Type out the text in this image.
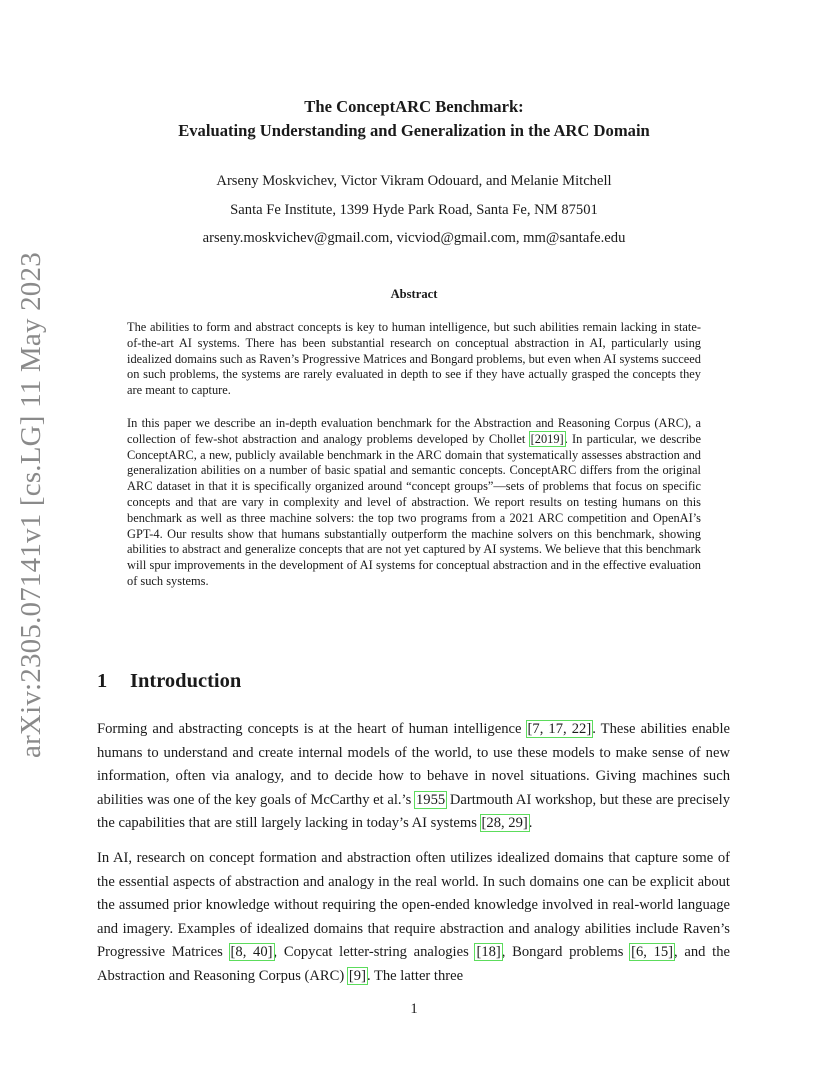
arXiv:2305.07141v1 [cs.LG] 11 May 2023
The ConceptARC Benchmark:
Evaluating Understanding and Generalization in the ARC Domain
Arseny Moskvichev, Victor Vikram Odouard, and Melanie Mitchell
Santa Fe Institute, 1399 Hyde Park Road, Santa Fe, NM 87501
arseny.moskvichev@gmail.com, vicviod@gmail.com, mm@santafe.edu
Abstract

The abilities to form and abstract concepts is key to human intelligence, but such abilities remain lacking in state-of-the-art AI systems. There has been substantial research on conceptual abstraction in AI, particularly using idealized domains such as Raven’s Progressive Matrices and Bongard problems, but even when AI systems succeed on such problems, the systems are rarely evaluated in depth to see if they have actually grasped the concepts they are meant to capture.

In this paper we describe an in-depth evaluation benchmark for the Abstraction and Reasoning Corpus (ARC), a collection of few-shot abstraction and analogy problems developed by Chollet [2019]. In particular, we describe ConceptARC, a new, publicly available benchmark in the ARC domain that systematically assesses abstraction and generalization abilities on a number of basic spatial and semantic concepts. ConceptARC differs from the original ARC dataset in that it is specifically organized around “concept groups”—sets of problems that focus on specific concepts and that are vary in complexity and level of abstraction. We report results on testing humans on this benchmark as well as three machine solvers: the top two programs from a 2021 ARC competition and OpenAI’s GPT-4. Our results show that humans substantially outperform the machine solvers on this benchmark, showing abilities to abstract and generalize concepts that are not yet captured by AI systems. We believe that this benchmark will spur improvements in the development of AI systems for conceptual abstraction and in the effective evaluation of such systems.

1 Introduction

Forming and abstracting concepts is at the heart of human intelligence [7, 17, 22]. These abilities enable humans to understand and create internal models of the world, to use these models to make sense of new information, often via analogy, and to decide how to behave in novel situations. Giving machines such abilities was one of the key goals of McCarthy et al.’s 1955 Dartmouth AI workshop, but these are precisely the capabilities that are still largely lacking in today’s AI systems [28, 29].

In AI, research on concept formation and abstraction often utilizes idealized domains that capture some of the essential aspects of abstraction and analogy in the real world. In such domains one can be explicit about the assumed prior knowledge without requiring the open-ended knowledge involved in real-world language and imagery. Examples of idealized domains that require abstraction and analogy abilities include Raven’s Progressive Matrices [8, 40], Copycat letter-string analogies [18], Bongard problems [6, 15], and the Abstraction and Reasoning Corpus (ARC) [9]. The latter three

1
